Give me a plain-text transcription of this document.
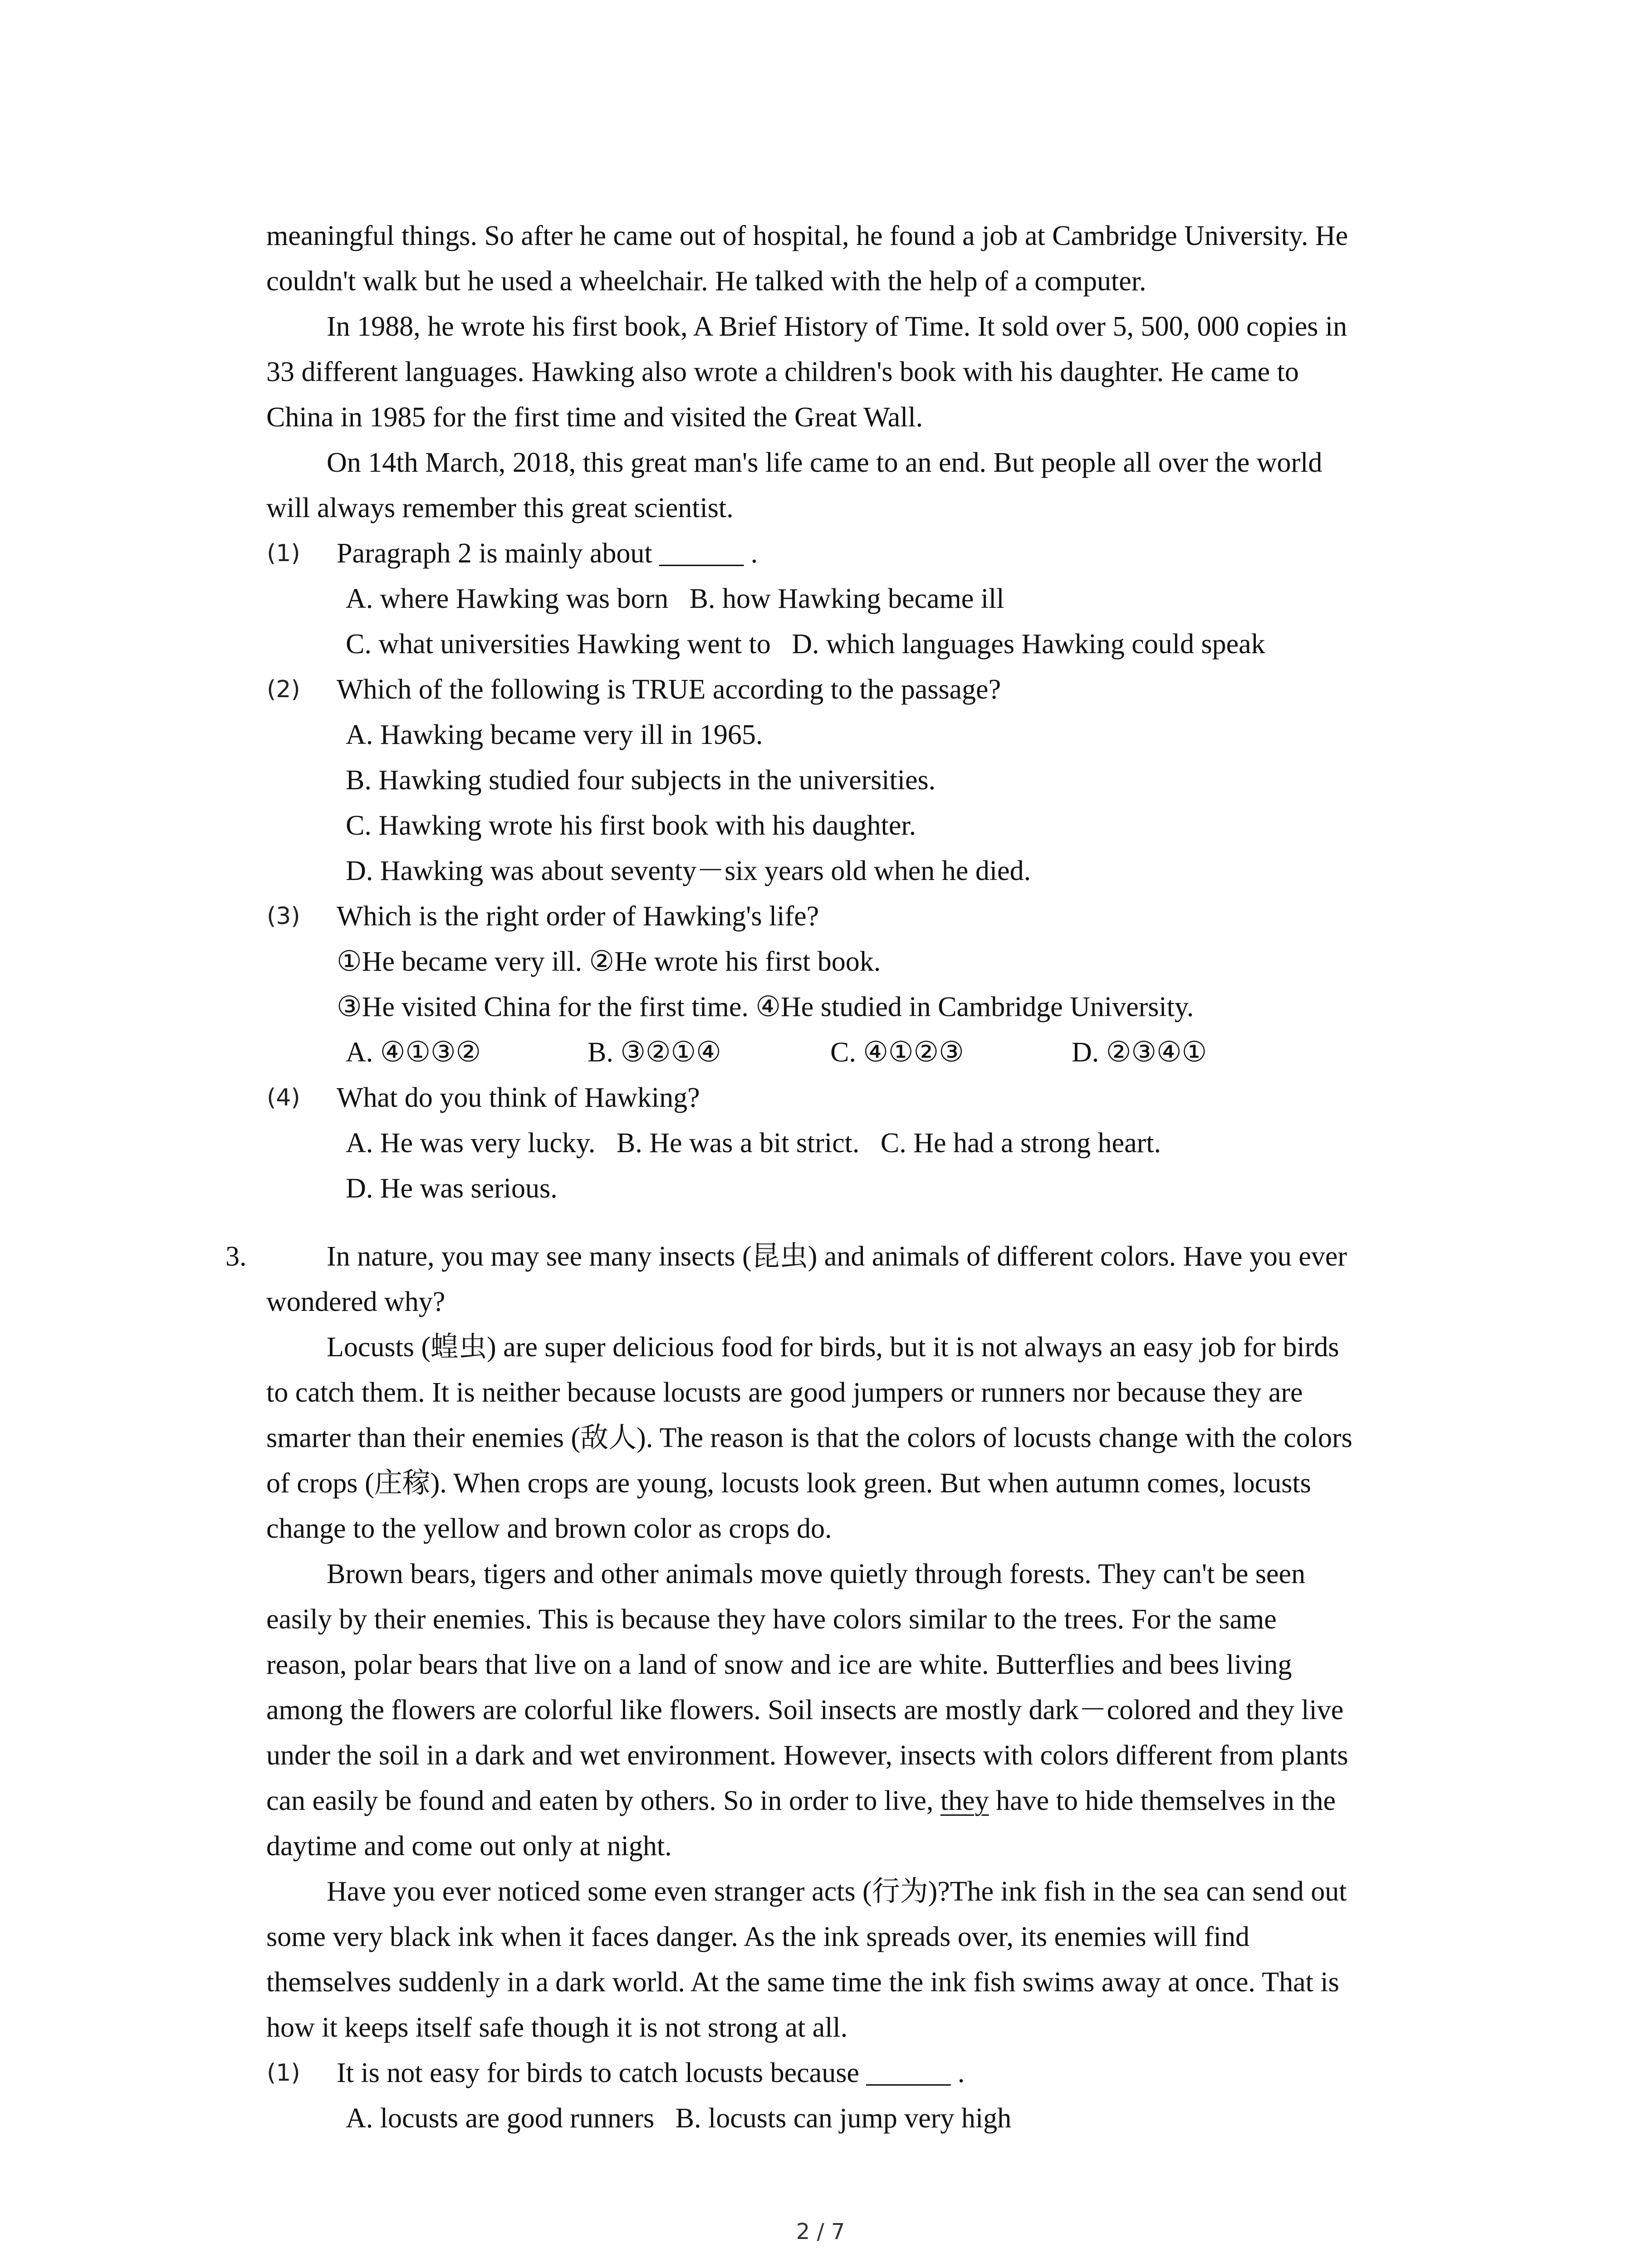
meaningful things. So after he came out of hospital, he found a job at Cambridge University. He
couldn't walk but he used a wheelchair. He talked with the help of a computer.
In 1988, he wrote his first book, A Brief History of Time. It sold over 5, 500, 000 copies in
33 different languages. Hawking also wrote a children's book with his daughter. He came to
China in 1985 for the first time and visited the Great Wall.
On 14th March, 2018, this great man's life came to an end. But people all over the world
will always remember this great scientist.
(1) Paragraph 2 is mainly about ______ .
A. where Hawking was born   B. how Hawking became ill
C. what universities Hawking went to   D. which languages Hawking could speak
(2) Which of the following is TRUE according to the passage?
A. Hawking became very ill in 1965.
B. Hawking studied four subjects in the universities.
C. Hawking wrote his first book with his daughter.
D. Hawking was about seventy－six years old when he died.
(3) Which is the right order of Hawking's life?
①He became very ill. ②He wrote his first book.
③He visited China for the first time. ④He studied in Cambridge University.
A. ④①③②	B. ③②①④	C. ④①②③	D. ②③④①
(4) What do you think of Hawking?
A. He was very lucky.   B. He was a bit strict.   C. He had a strong heart.
D. He was serious.
3.	In nature, you may see many insects (昆虫) and animals of different colors. Have you ever
wondered why?
Locusts (蝗虫) are super delicious food for birds, but it is not always an easy job for birds
to catch them. It is neither because locusts are good jumpers or runners nor because they are
smarter than their enemies (敌人). The reason is that the colors of locusts change with the colors
of crops (庄稼). When crops are young, locusts look green. But when autumn comes, locusts
change to the yellow and brown color as crops do.
Brown bears, tigers and other animals move quietly through forests. They can't be seen
easily by their enemies. This is because they have colors similar to the trees. For the same
reason, polar bears that live on a land of snow and ice are white. Butterflies and bees living
among the flowers are colorful like flowers. Soil insects are mostly dark－colored and they live
under the soil in a dark and wet environment. However, insects with colors different from plants
can easily be found and eaten by others. So in order to live, they have to hide themselves in the
daytime and come out only at night.
Have you ever noticed some even stranger acts (行为)?The ink fish in the sea can send out
some very black ink when it faces danger. As the ink spreads over, its enemies will find
themselves suddenly in a dark world. At the same time the ink fish swims away at once. That is
how it keeps itself safe though it is not strong at all.
(1) It is not easy for birds to catch locusts because ______ .
A. locusts are good runners   B. locusts can jump very high
2 / 7
